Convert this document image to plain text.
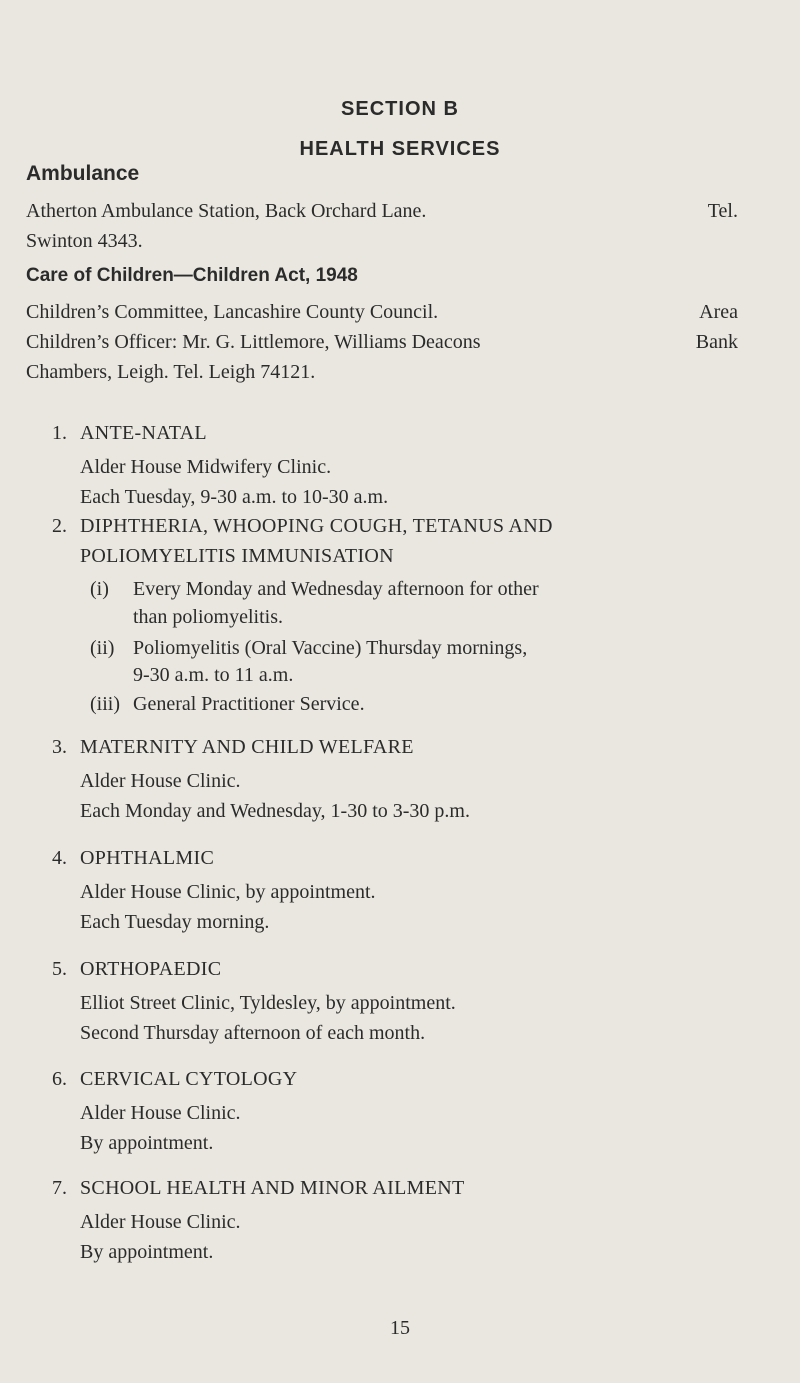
SECTION B
HEALTH SERVICES
Ambulance
Atherton Ambulance Station, Back Orchard Lane.	Tel.
Swinton 4343.
Care of Children—Children Act, 1948
Children’s Committee, Lancashire County Council.	Area
Children’s Officer: Mr. G. Littlemore, Williams Deacons	Bank
Chambers, Leigh. Tel. Leigh 74121.
1. ANTE-NATAL
Alder House Midwifery Clinic.
Each Tuesday, 9-30 a.m. to 10-30 a.m.
2. DIPHTHERIA, WHOOPING COUGH, TETANUS AND
POLIOMYELITIS IMMUNISATION
(i) Every Monday and Wednesday afternoon for other
than poliomyelitis.
(ii) Poliomyelitis (Oral Vaccine) Thursday mornings,
9-30 a.m. to 11 a.m.
(iii) General Practitioner Service.
3. MATERNITY AND CHILD WELFARE
Alder House Clinic.
Each Monday and Wednesday, 1-30 to 3-30 p.m.
4. OPHTHALMIC
Alder House Clinic, by appointment.
Each Tuesday morning.
5. ORTHOPAEDIC
Elliot Street Clinic, Tyldesley, by appointment.
Second Thursday afternoon of each month.
6. CERVICAL CYTOLOGY
Alder House Clinic.
By appointment.
7. SCHOOL HEALTH AND MINOR AILMENT
Alder House Clinic.
By appointment.
15
